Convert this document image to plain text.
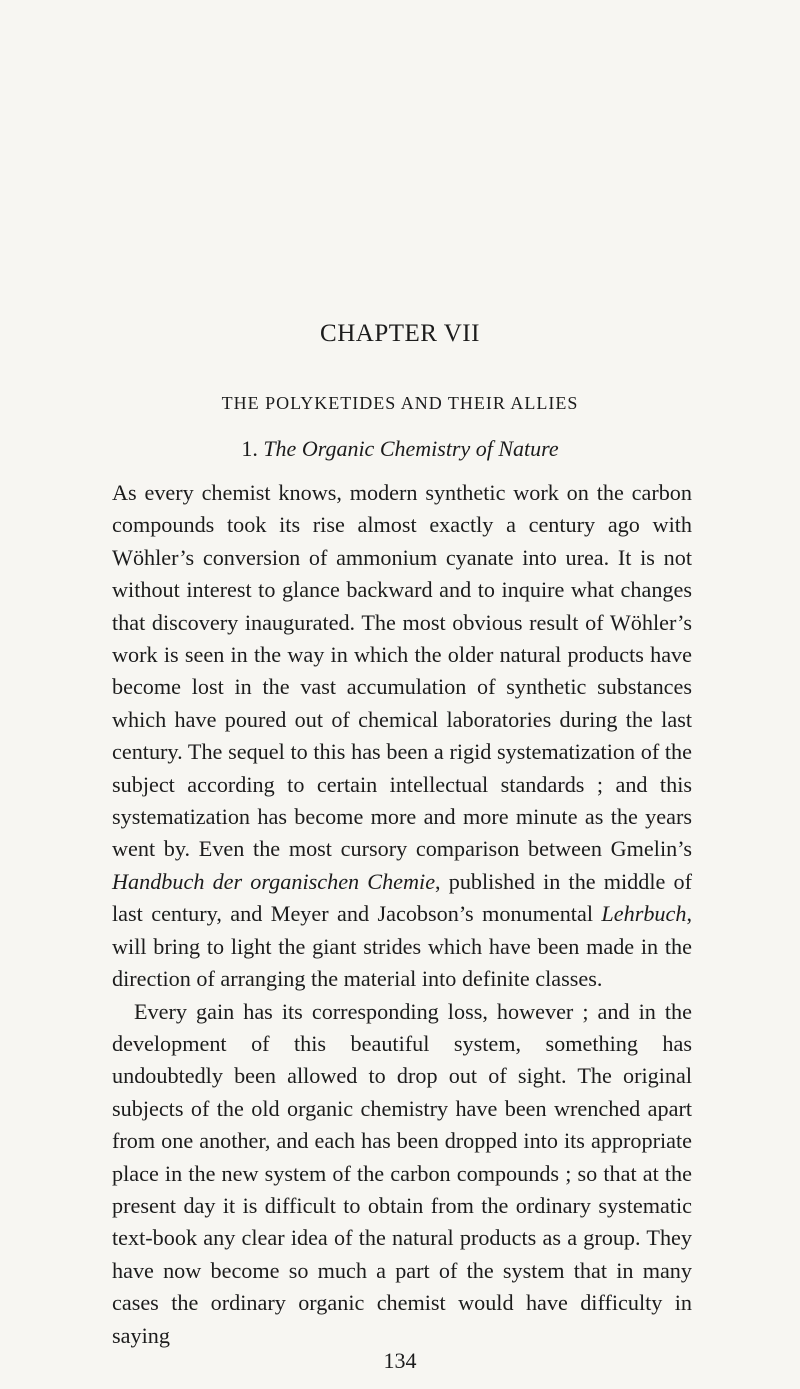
CHAPTER VII
THE POLYKETIDES AND THEIR ALLIES
1. The Organic Chemistry of Nature

As every chemist knows, modern synthetic work on the carbon compounds took its rise almost exactly a century ago with Wöhler’s conversion of ammonium cyanate into urea. It is not without interest to glance backward and to inquire what changes that discovery inaugurated. The most obvious result of Wöhler’s work is seen in the way in which the older natural products have become lost in the vast accumulation of synthetic substances which have poured out of chemical laboratories during the last century. The sequel to this has been a rigid systematization of the subject according to certain intellectual standards ; and this systematization has become more and more minute as the years went by. Even the most cursory comparison between Gmelin’s Handbuch der organischen Chemie, published in the middle of last century, and Meyer and Jacobson’s monumental Lehrbuch, will bring to light the giant strides which have been made in the direction of arranging the material into definite classes.

Every gain has its corresponding loss, however ; and in the development of this beautiful system, something has undoubtedly been allowed to drop out of sight. The original subjects of the old organic chemistry have been wrenched apart from one another, and each has been dropped into its appropriate place in the new system of the carbon compounds ; so that at the present day it is difficult to obtain from the ordinary systematic text-book any clear idea of the natural products as a group. They have now become so much a part of the system that in many cases the ordinary organic chemist would have difficulty in saying

134
